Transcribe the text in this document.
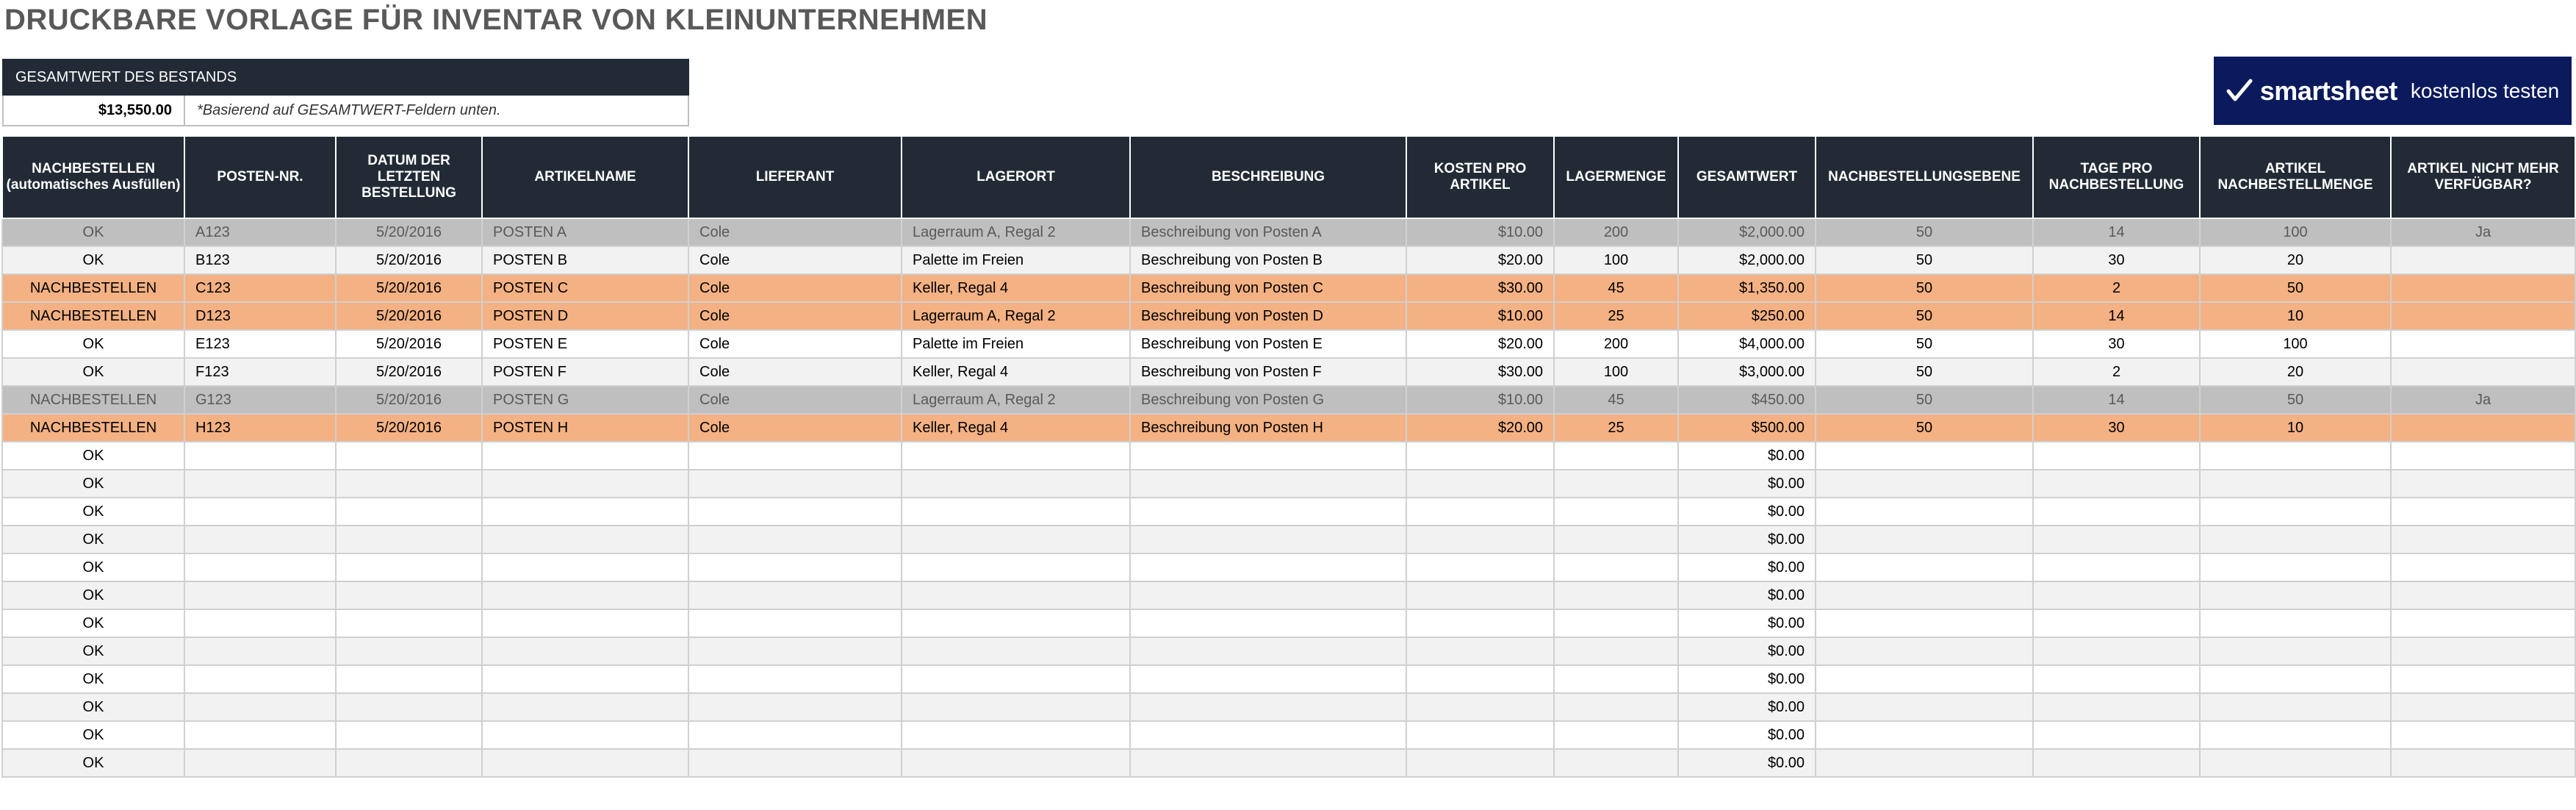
DRUCKBARE VORLAGE FÜR INVENTAR VON KLEINUNTERNEHMEN
GESAMTWERT DES BESTANDS
$13,550.00	*Basierend auf GESAMTWERT-Feldern unten.
smartsheet kostenlos testen
NACHBESTELLEN
(automatisches Ausfüllen)	POSTEN-NR.	DATUM DER LETZTEN BESTELLUNG	ARTIKELNAME	LIEFERANT	LAGERORT	BESCHREIBUNG	KOSTEN PRO ARTIKEL	LAGERMENGE	GESAMTWERT	NACHBESTELLUNGSEBENE	TAGE PRO NACHBESTELLUNG	ARTIKEL NACHBESTELLMENGE	ARTIKEL NICHT MEHR VERFÜGBAR?
OK	A123	5/20/2016	POSTEN A	Cole	Lagerraum A, Regal 2	Beschreibung von Posten A	$10.00	200	$2,000.00	50	14	100	Ja
OK	B123	5/20/2016	POSTEN B	Cole	Palette im Freien	Beschreibung von Posten B	$20.00	100	$2,000.00	50	30	20	
NACHBESTELLEN	C123	5/20/2016	POSTEN C	Cole	Keller, Regal 4	Beschreibung von Posten C	$30.00	45	$1,350.00	50	2	50	
NACHBESTELLEN	D123	5/20/2016	POSTEN D	Cole	Lagerraum A, Regal 2	Beschreibung von Posten D	$10.00	25	$250.00	50	14	10	
OK	E123	5/20/2016	POSTEN E	Cole	Palette im Freien	Beschreibung von Posten E	$20.00	200	$4,000.00	50	30	100	
OK	F123	5/20/2016	POSTEN F	Cole	Keller, Regal 4	Beschreibung von Posten F	$30.00	100	$3,000.00	50	2	20	
NACHBESTELLEN	G123	5/20/2016	POSTEN G	Cole	Lagerraum A, Regal 2	Beschreibung von Posten G	$10.00	45	$450.00	50	14	50	Ja
NACHBESTELLEN	H123	5/20/2016	POSTEN H	Cole	Keller, Regal 4	Beschreibung von Posten H	$20.00	25	$500.00	50	30	10	
OK									$0.00				
OK									$0.00				
OK									$0.00				
OK									$0.00				
OK									$0.00				
OK									$0.00				
OK									$0.00				
OK									$0.00				
OK									$0.00				
OK									$0.00				
OK									$0.00				
OK									$0.00				
